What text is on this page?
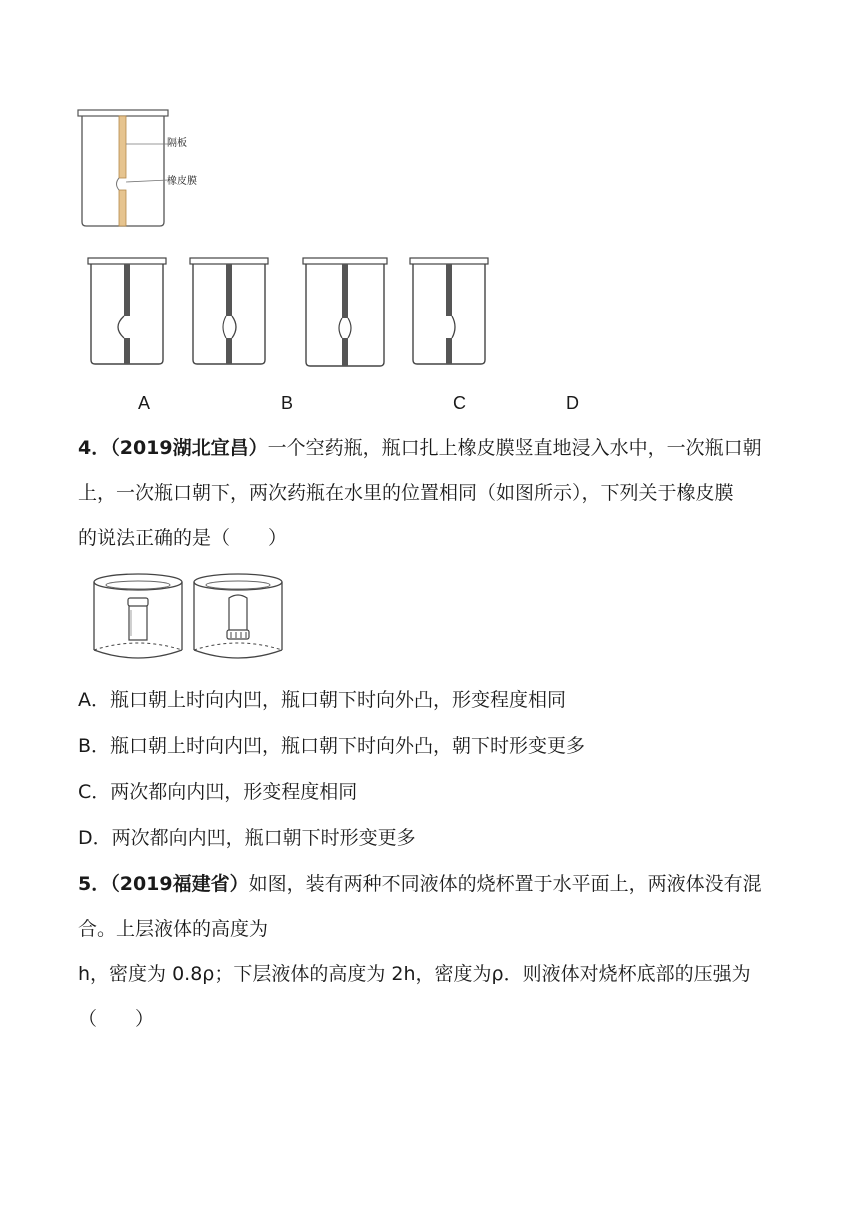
隔板
橡皮膜
A	B	C	D
4．（2019湖北宜昌）一个空药瓶，瓶口扎上橡皮膜竖直地浸入水中，一次瓶口朝
上，一次瓶口朝下，两次药瓶在水里的位置相同（如图所示），下列关于橡皮膜
的说法正确的是（　　）
A．瓶口朝上时向内凹，瓶口朝下时向外凸，形变程度相同
B．瓶口朝上时向内凹，瓶口朝下时向外凸，朝下时形变更多
C．两次都向内凹，形变程度相同
D．两次都向内凹，瓶口朝下时形变更多
5．（2019福建省）如图，装有两种不同液体的烧杯置于水平面上，两液体没有混
合。上层液体的高度为
h，密度为 0.8ρ；下层液体的高度为 2h，密度为ρ．则液体对烧杯底部的压强为
（　　）
